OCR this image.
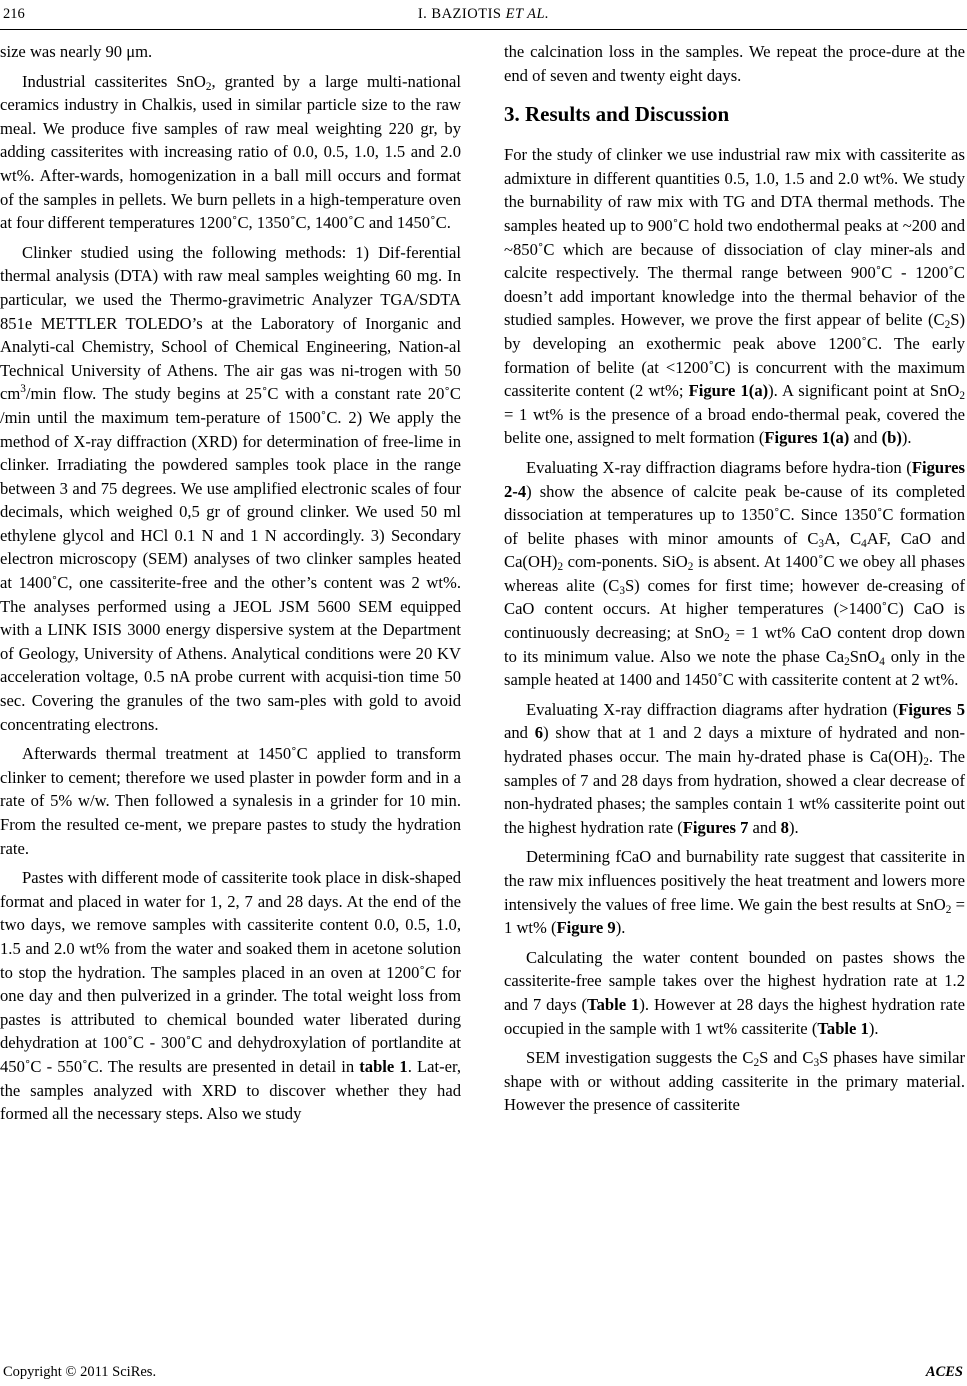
216	I. BAZIOTIS ET AL.

size was nearly 90 μm.

Industrial cassiterites SnO$_2$, granted by a large multi-national ceramics industry in Chalkis, used in similar particle size to the raw meal. We produce five samples of raw meal weighting 220 gr, by adding cassiterites with increasing ratio of 0.0, 0.5, 1.0, 1.5 and 2.0 wt%. After-wards, homogenization in a ball mill occurs and format of the samples in pellets. We burn pellets in a high-temperature oven at four different temperatures 1200˚C, 1350˚C, 1400˚C and 1450˚C.

Clinker studied using the following methods: 1) Dif-ferential thermal analysis (DTA) with raw meal samples weighting 60 mg. In particular, we used the Thermo-gravimetric Analyzer TGA/SDTA 851e METTLER TOLEDO’s at the Laboratory of Inorganic and Analyti-cal Chemistry, School of Chemical Engineering, Nation-al Technical University of Athens. The air gas was ni-trogen with 50 $cm^3/\min$ flow. The study begins at 25˚C with a constant rate 20˚C /min until the maximum tem-perature of 1500˚C. 2) We apply the method of X-ray diffraction (XRD) for determination of free-lime in clinker. Irradiating the powdered samples took place in the range between 3 and 75 degrees. We use amplified electronic scales of four decimals, which weighed 0,5 gr of ground clinker. We used 50 ml ethylene glycol and HCl 0.1 N and 1 N accordingly. 3) Secondary electron microscopy (SEM) analyses of two clinker samples heated at 1400˚C, one cassiterite-free and the other’s content was 2 wt%. The analyses performed using a JEOL JSM 5600 SEM equipped with a LINK ISIS 3000 energy dispersive system at the Department of Geology, University of Athens. Analytical conditions were 20 KV acceleration voltage, 0.5 nA probe current with acquisi-tion time 50 sec. Covering the granules of the two sam-ples with gold to avoid concentrating electrons.

Afterwards thermal treatment at 1450˚C applied to transform clinker to cement; therefore we used plaster in powder form and in a rate of 5% w/w. Then followed a synalesis in a grinder for 10 min. From the resulted ce-ment, we prepare pastes to study the hydration rate.

Pastes with different mode of cassiterite took place in disk-shaped format and placed in water for 1, 2, 7 and 28 days. At the end of the two days, we remove samples with cassiterite content 0.0, 0.5, 1.0, 1.5 and 2.0 wt% from the water and soaked them in acetone solution to stop the hydration. The samples placed in an oven at 1200˚C for one day and then pulverized in a grinder. The total weight loss from pastes is attributed to chemical bounded water liberated during dehydration at 100˚C - 300˚C and dehydroxylation of portlandite at 450˚C - 550˚C. The results are presented in detail in table 1. Lat-er, the samples analyzed with XRD to discover whether they had formed all the necessary steps. Also we study

the calcination loss in the samples. We repeat the proce-dure at the end of seven and twenty eight days.

3. Results and Discussion

For the study of clinker we use industrial raw mix with cassiterite as admixture in different quantities 0.5, 1.0, 1.5 and 2.0 wt%. We study the burnability of raw mix with TG and DTA thermal methods. The samples heated up to 900˚C hold two endothermal peaks at ~200 and ~850˚C which are because of dissociation of clay miner-als and calcite respectively. The thermal range between 900˚C - 1200˚C doesn’t add important knowledge into the thermal behavior of the studied samples. However, we prove the first appear of belite $(C_2S)$ by developing an exothermic peak above 1200˚C. The early formation of belite (at <1200˚C) is concurrent with the maximum cassiterite content (2 wt%; Figure 1(a)). A significant point at SnO$_2$ = 1 wt% is the presence of a broad endo-thermal peak, covered the belite one, assigned to melt formation (Figures 1(a) and (b)).

Evaluating X-ray diffraction diagrams before hydra-tion (Figures 2-4) show the absence of calcite peak be-cause of its completed dissociation at temperatures up to 1350˚C. Since 1350˚C formation of belite phases with minor amounts of $C_3A$, $C_4AF$, CaO and $Ca(OH)_2$ com-ponents. SiO$_2$ is absent. At 1400˚C we obey all phases whereas alite $(C_3S)$ comes for first time; however de-creasing of CaO content occurs. At higher temperatures (>1400˚C) CaO is continuously decreasing; at SnO$_2$ = 1 wt% CaO content drop down to its minimum value. Also we note the phase $Ca_2SnO_4$ only in the sample heated at 1400 and 1450˚C with cassiterite content at 2 wt%.

Evaluating X-ray diffraction diagrams after hydration (Figures 5 and 6) show that at 1 and 2 days a mixture of hydrated and non-hydrated phases occur. The main hy-drated phase is $Ca(OH)_2$. The samples of 7 and 28 days from hydration, showed a clear decrease of non-hydrated phases; the samples contain 1 wt% cassiterite point out the highest hydration rate (Figures 7 and 8).

Determining fCaO and burnability rate suggest that cassiterite in the raw mix influences positively the heat treatment and lowers more intensively the values of free lime. We gain the best results at SnO$_2$ = 1 wt% (Figure 9).

Calculating the water content bounded on pastes shows the cassiterite-free sample takes over the highest hydration rate at 1.2 and 7 days (Table 1). However at 28 days the highest hydration rate occupied in the sample with 1 wt% cassiterite (Table 1).

SEM investigation suggests the $C_2S$ and $C_3S$ phases have similar shape with or without adding cassiterite in the primary material. However the presence of cassiterite

Copyright © 2011 SciRes.	ACES
